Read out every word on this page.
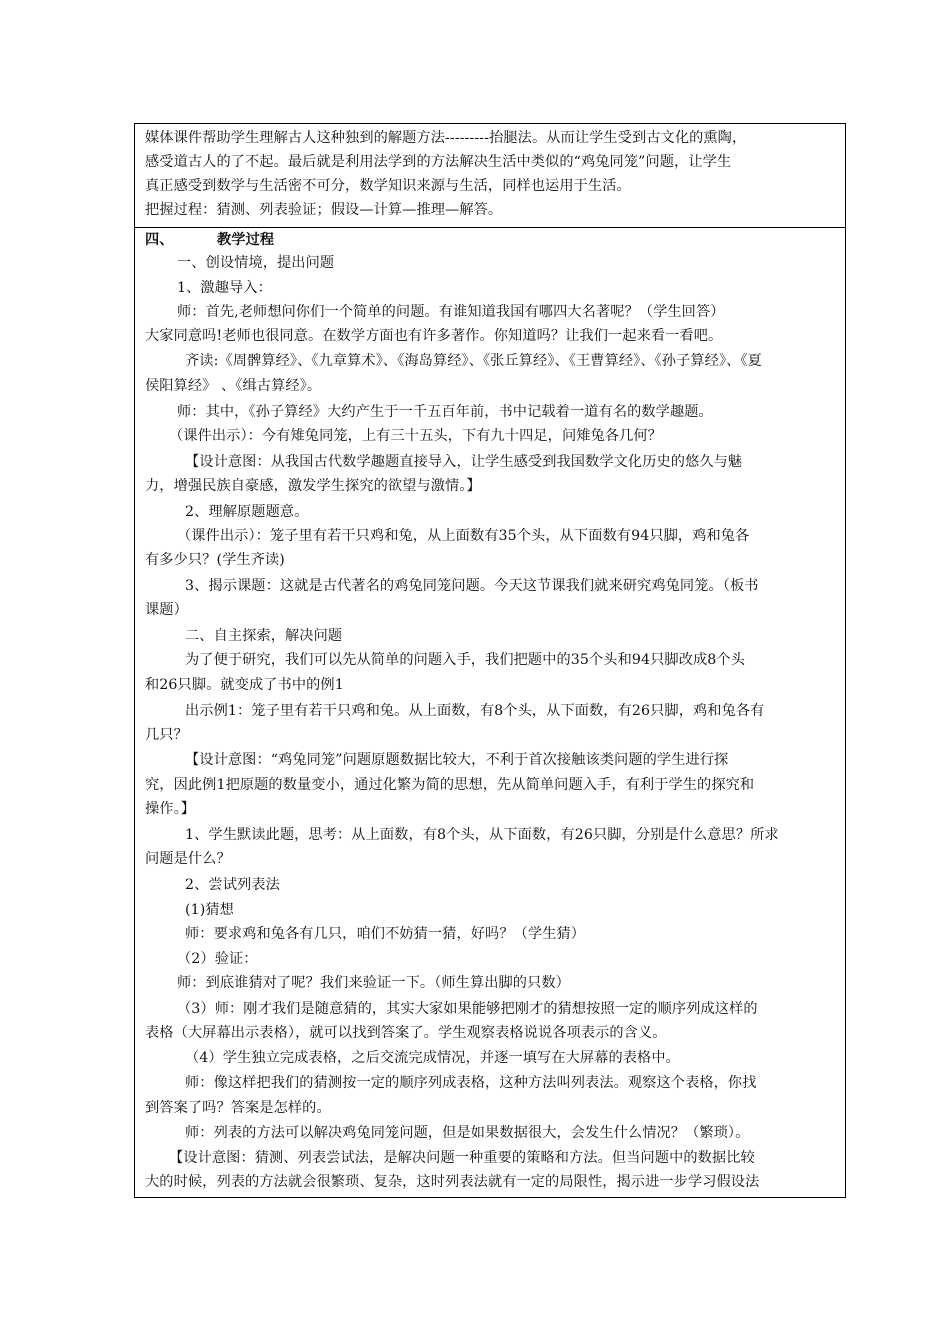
媒体课件帮助学生理解古人这种独到的解题方法---------抬腿法。从而让学生受到古文化的熏陶，
感受道古人的了不起。最后就是利用法学到的方法解决生活中类似的“鸡兔同笼”问题，让学生
真正感受到数学与生活密不可分，数学知识来源与生活，同样也运用于生活。
把握过程：猜测、列表验证；假设—计算—推理—解答。
四、	教学过程
一、创设情境，提出问题
1、激趣导入：
师：首先,老师想问你们一个简单的问题。有谁知道我国有哪四大名著呢？（学生回答）
大家同意吗!老师也很同意。在数学方面也有许多著作。你知道吗？让我们一起来看一看吧。
齐读:《周髀算经》、《九章算术》、《海岛算经》、《张丘算经》、《王曹算经》、《孙子算经》、《夏
侯阳算经》 、《缉古算经》。
师：其中，《孙子算经》大约产生于一千五百年前，书中记载着一道有名的数学趣题。
（课件出示）：今有雉兔同笼，上有三十五头，下有九十四足，问雉兔各几何？
【设计意图：从我国古代数学趣题直接导入，让学生感受到我国数学文化历史的悠久与魅
力，增强民族自豪感，激发学生探究的欲望与激情。】
2、理解原题题意。
（课件出示）：笼子里有若干只鸡和兔，从上面数有35个头，从下面数有94只脚，鸡和兔各
有多少只？(学生齐读)
3、揭示课题：这就是古代著名的鸡兔同笼问题。今天这节课我们就来研究鸡兔同笼。（板书
课题）
二、自主探索，解决问题
为了便于研究，我们可以先从简单的问题入手，我们把题中的35个头和94只脚改成8个头
和26只脚。就变成了书中的例1
出示例1：笼子里有若干只鸡和兔。从上面数，有8个头，从下面数，有26只脚，鸡和兔各有
几只？
【设计意图：“鸡兔同笼”问题原题数据比较大，不利于首次接触该类问题的学生进行探
究，因此例1把原题的数量变小，通过化繁为简的思想，先从简单问题入手，有利于学生的探究和
操作。】
1、学生默读此题，思考：从上面数，有8个头，从下面数，有26只脚，分别是什么意思？所求
问题是什么？
2、尝试列表法
(1)猜想
师：要求鸡和兔各有几只，咱们不妨猜一猜，好吗？（学生猜）
（2）验证：
师：到底谁猜对了呢？我们来验证一下。（师生算出脚的只数）
（3）师：刚才我们是随意猜的，其实大家如果能够把刚才的猜想按照一定的顺序列成这样的
表格（大屏幕出示表格），就可以找到答案了。学生观察表格说说各项表示的含义。
（4）学生独立完成表格，之后交流完成情况，并逐一填写在大屏幕的表格中。
师：像这样把我们的猜测按一定的顺序列成表格，这种方法叫列表法。观察这个表格，你找
到答案了吗？答案是怎样的。
师：列表的方法可以解决鸡兔同笼问题，但是如果数据很大，会发生什么情况？（繁琐）。
【设计意图：猜测、列表尝试法，是解决问题一种重要的策略和方法。但当问题中的数据比较
大的时候，列表的方法就会很繁琐、复杂，这时列表法就有一定的局限性，揭示进一步学习假设法
